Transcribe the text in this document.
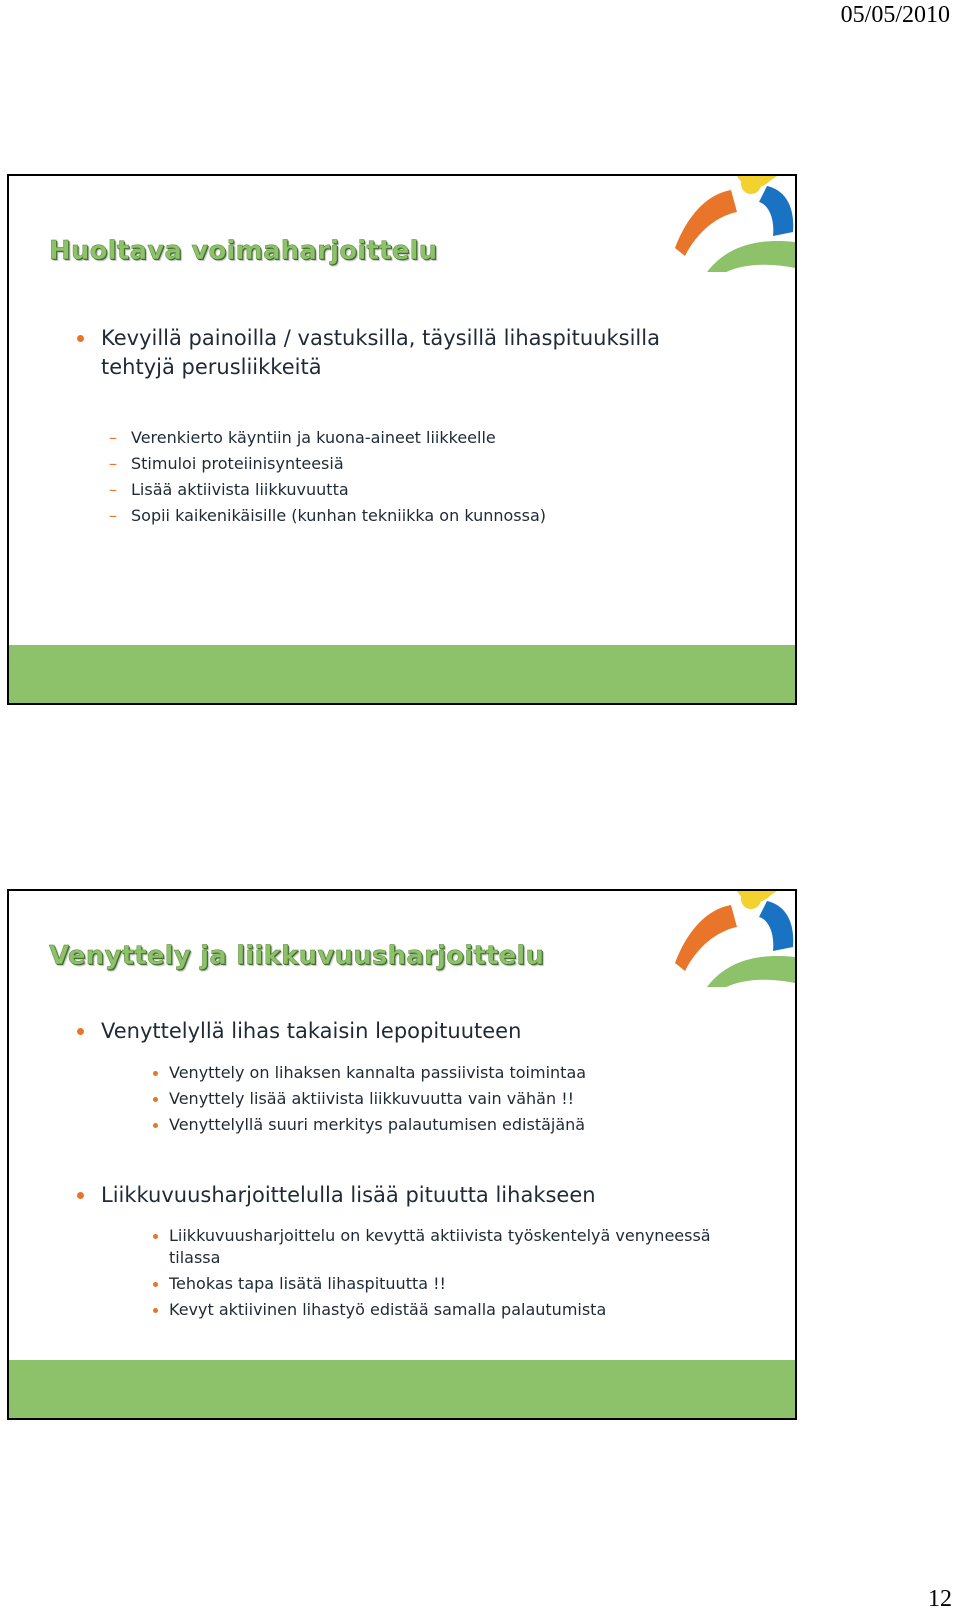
05/05/2010
Huoltava voimaharjoittelu

Kevyillä painoilla / vastuksilla, täysillä lihaspituuksilla tehtyjä perusliikkeitä

– Verenkierto käyntiin ja kuona-aineet liikkeelle
– Stimuloi proteiinisynteesiä
– Lisää aktiivista liikkuvuutta
– Sopii kaikenikäisille (kunhan tekniikka on kunnossa)
Venyttely ja liikkuvuusharjoittelu

Venyttelyllä lihas takaisin lepopituuteen

Venyttely on lihaksen kannalta passiivista toimintaa
Venyttely lisää aktiivista liikkuvuutta vain vähän !!
Venyttelyllä suuri merkitys palautumisen edistäjänä

Liikkuvuusharjoittelulla lisää pituutta lihakseen

Liikkuvuusharjoittelu on kevyttä aktiivista työskentelyä venyneessä tilassa
Tehokas tapa lisätä lihaspituutta !!
Kevyt aktiivinen lihastyö edistää samalla palautumista
12
